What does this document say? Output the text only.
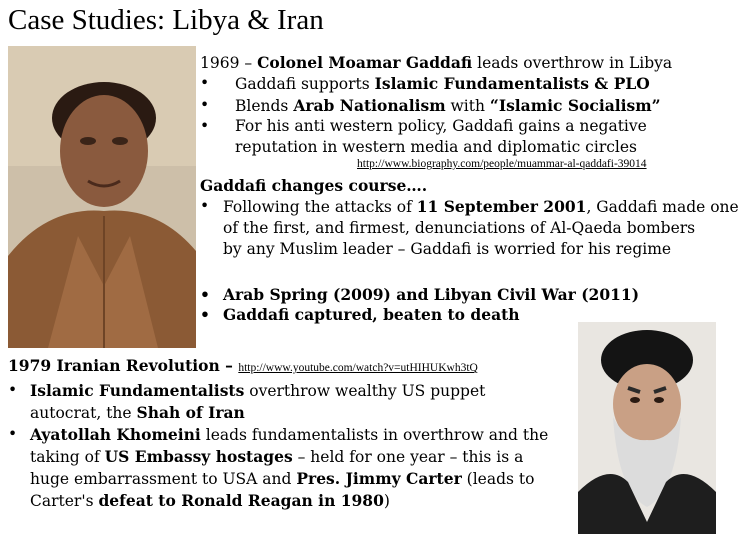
Case Studies: Libya & Iran
1969 – Colonel Moamar Gaddafi leads overthrow in Libya
• Gaddafi supports Islamic Fundamentalists & PLO
• Blends Arab Nationalism with “Islamic Socialism”
• For his anti western policy, Gaddafi gains a negative
reputation in western media and diplomatic circles
http://www.biography.com/people/muammar-al-qaddafi-39014
Gaddafi changes course….
• Following the attacks of 11 September 2001, Gaddafi made one
of the first, and firmest, denunciations of Al-Qaeda bombers
by any Muslim leader – Gaddafi is worried for his regime
• Arab Spring (2009) and Libyan Civil War (2011)
• Gaddafi captured, beaten to death
1979 Iranian Revolution – http://www.youtube.com/watch?v=utHIHUKwh3tQ
• Islamic Fundamentalists overthrow wealthy US puppet
autocrat, the Shah of Iran
• Ayatollah Khomeini leads fundamentalists in overthrow and the
taking of US Embassy hostages – held for one year – this is a
huge embarrassment to USA and Pres. Jimmy Carter (leads to
Carter's defeat to Ronald Reagan in 1980)
